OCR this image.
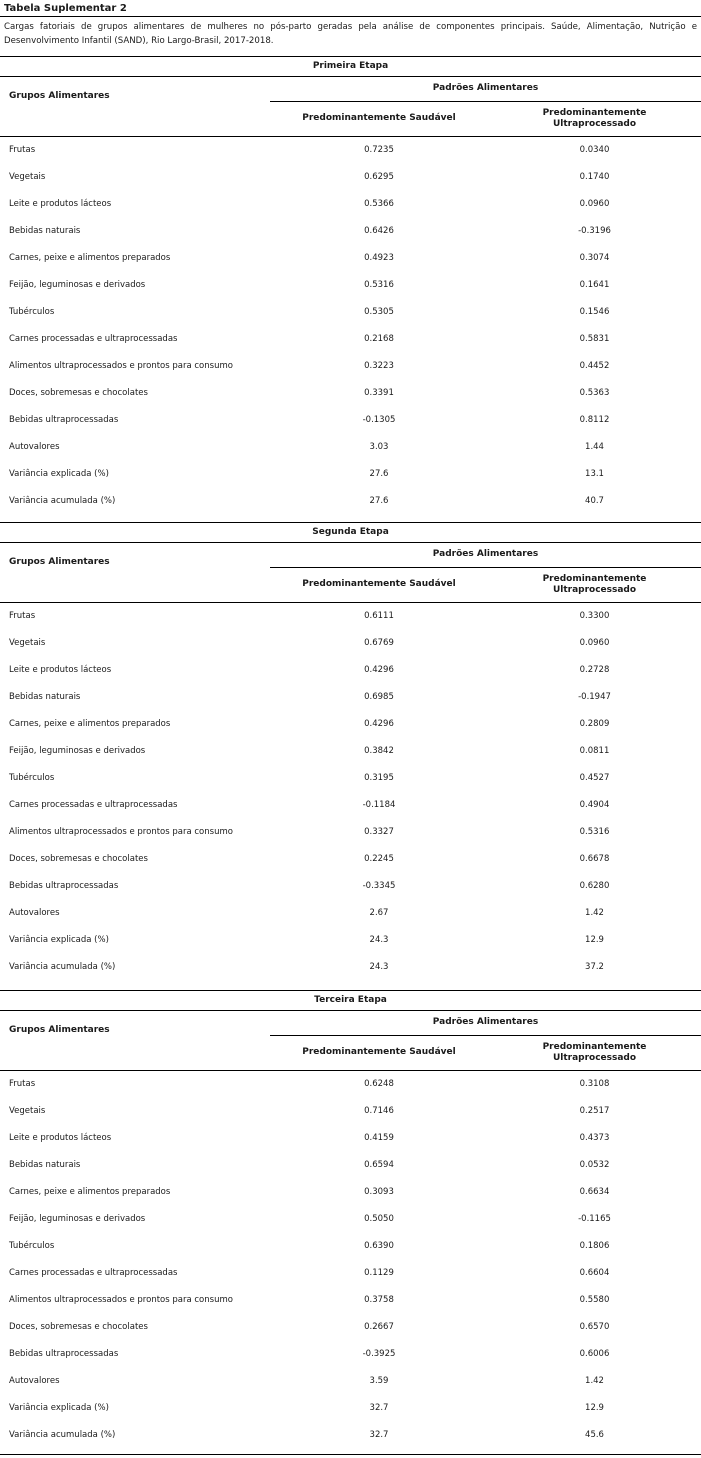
Tabela Suplementar 2
Cargas fatoriais de grupos alimentares de mulheres no pós-parto geradas pela análise de componentes principais. Saúde, Alimentação, Nutrição e Desenvolvimento Infantil (SAND), Rio Largo-Brasil, 2017-2018.
Primeira Etapa
Grupos Alimentares
Padrões Alimentares
Predominantemente Saudável
Predominantemente Ultraprocessado
Frutas	0.7235	0.0340
Vegetais	0.6295	0.1740
Leite e produtos lácteos	0.5366	0.0960
Bebidas naturais	0.6426	-0.3196
Carnes, peixe e alimentos preparados	0.4923	0.3074
Feijão, leguminosas e derivados	0.5316	0.1641
Tubérculos	0.5305	0.1546
Carnes processadas e ultraprocessadas	0.2168	0.5831
Alimentos ultraprocessados e prontos para consumo	0.3223	0.4452
Doces, sobremesas e chocolates	0.3391	0.5363
Bebidas ultraprocessadas	-0.1305	0.8112
Autovalores	3.03	1.44
Variância explicada (%)	27.6	13.1
Variância acumulada (%)	27.6	40.7
Segunda Etapa
Grupos Alimentares
Padrões Alimentares
Predominantemente Saudável
Predominantemente Ultraprocessado
Frutas	0.6111	0.3300
Vegetais	0.6769	0.0960
Leite e produtos lácteos	0.4296	0.2728
Bebidas naturais	0.6985	-0.1947
Carnes, peixe e alimentos preparados	0.4296	0.2809
Feijão, leguminosas e derivados	0.3842	0.0811
Tubérculos	0.3195	0.4527
Carnes processadas e ultraprocessadas	-0.1184	0.4904
Alimentos ultraprocessados e prontos para consumo	0.3327	0.5316
Doces, sobremesas e chocolates	0.2245	0.6678
Bebidas ultraprocessadas	-0.3345	0.6280
Autovalores	2.67	1.42
Variância explicada (%)	24.3	12.9
Variância acumulada (%)	24.3	37.2
Terceira Etapa
Grupos Alimentares
Padrões Alimentares
Predominantemente Saudável
Predominantemente Ultraprocessado
Frutas	0.6248	0.3108
Vegetais	0.7146	0.2517
Leite e produtos lácteos	0.4159	0.4373
Bebidas naturais	0.6594	0.0532
Carnes, peixe e alimentos preparados	0.3093	0.6634
Feijão, leguminosas e derivados	0.5050	-0.1165
Tubérculos	0.6390	0.1806
Carnes processadas e ultraprocessadas	0.1129	0.6604
Alimentos ultraprocessados e prontos para consumo	0.3758	0.5580
Doces, sobremesas e chocolates	0.2667	0.6570
Bebidas ultraprocessadas	-0.3925	0.6006
Autovalores	3.59	1.42
Variância explicada (%)	32.7	12.9
Variância acumulada (%)	32.7	45.6
